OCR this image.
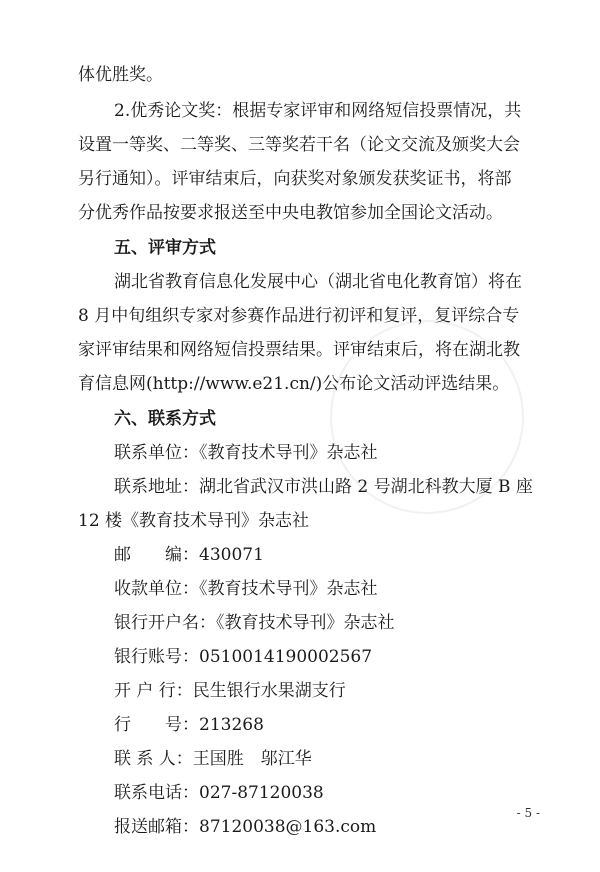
体优胜奖。
2.优秀论文奖：根据专家评审和网络短信投票情况，共
设置一等奖、二等奖、三等奖若干名（论文交流及颁奖大会
另行通知）。评审结束后，向获奖对象颁发获奖证书，将部
分优秀作品按要求报送至中央电教馆参加全国论文活动。
五、评审方式
湖北省教育信息化发展中心（湖北省电化教育馆）将在
8 月中旬组织专家对参赛作品进行初评和复评，复评综合专
家评审结果和网络短信投票结果。评审结束后，将在湖北教
育信息网(http://www.e21.cn/)公布论文活动评选结果。
六、联系方式
联系单位：《教育技术导刊》杂志社
联系地址：湖北省武汉市洪山路 2 号湖北科教大厦 B 座
12 楼《教育技术导刊》杂志社
邮　　编：430071
收款单位：《教育技术导刊》杂志社
银行开户名：《教育技术导刊》杂志社
银行账号：0510014190002567
开 户 行：民生银行水果湖支行
行　　号：213268
联 系 人：王国胜　邬江华
联系电话：027-87120038
报送邮箱：87120038@163.com
- 5 -
